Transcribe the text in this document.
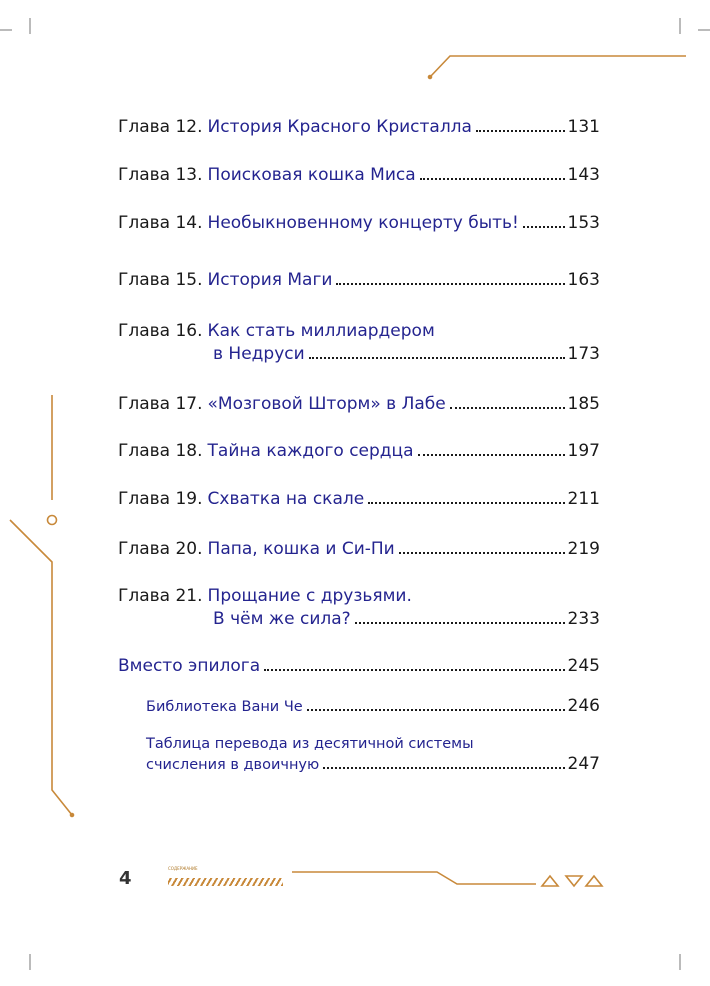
СОДЕРЖАНИЕ
Глава 12. История Красного Кристалла	131
Глава 13. Поисковая кошка Миса	143
Глава 14. Необыкновенному концерту быть!	153
Глава 15. История Маги	163
Глава 16. Как стать миллиардером
в Недруси	173
Глава 17. «Мозговой Шторм» в Лабе	185
Глава 18. Тайна каждого сердца	197
Глава 19. Схватка на скале	211
Глава 20. Папа, кошка и Си-Пи	219
Глава 21. Прощание с друзьями.
В чём же сила?	233
Вместо эпилога	245
Библиотека Вани Че	246
Таблица перевода из десятичной системы
счисления в двоичную	247
4
